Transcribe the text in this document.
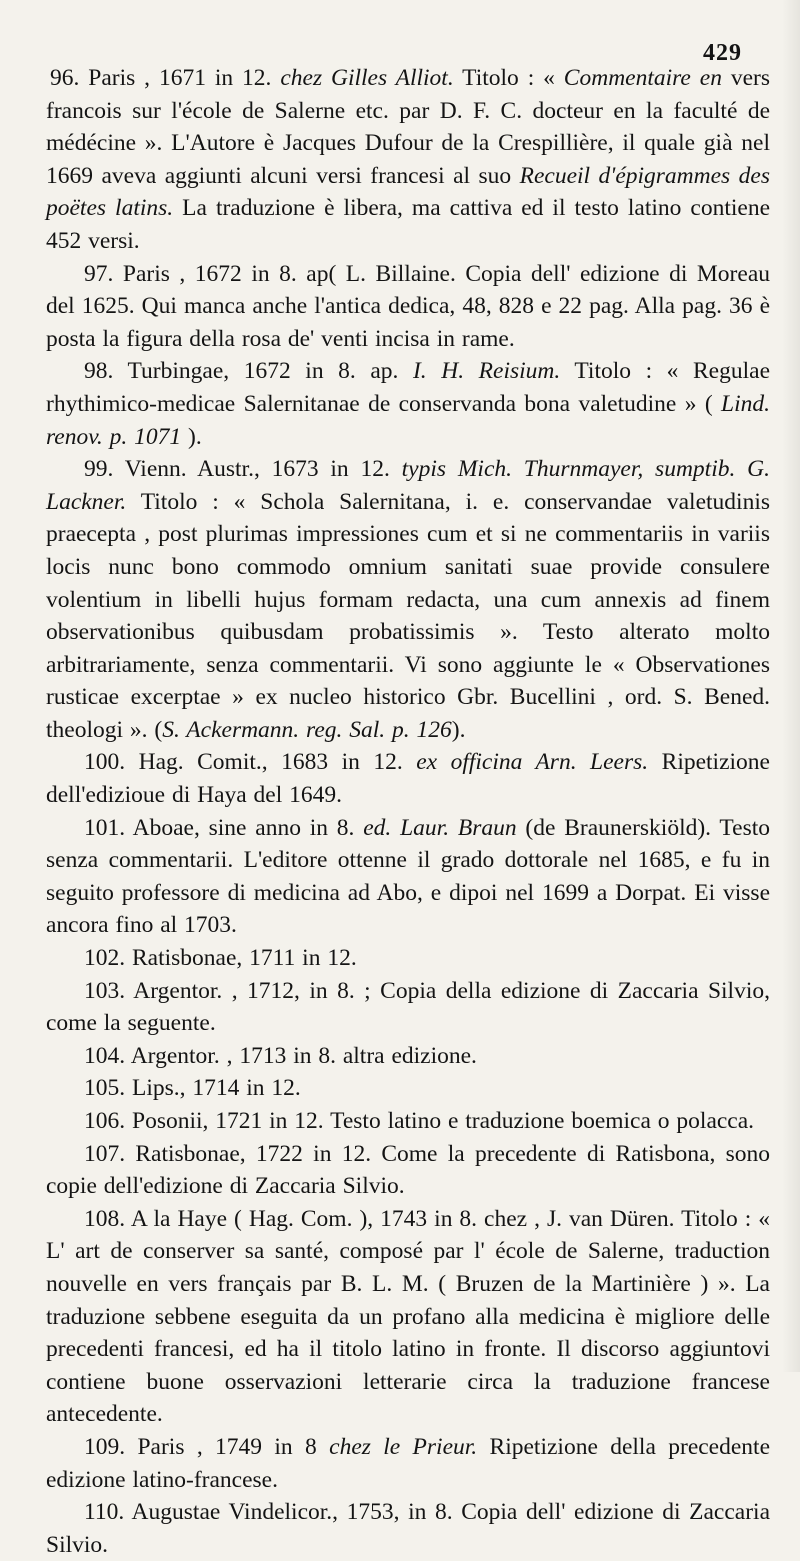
429

96. Paris , 1671 in 12. chez Gilles Alliot. Titolo : « Commentaire en vers francois sur l'école de Salerne etc. par D. F. C. docteur en la faculté de médécine ». L'Autore è Jacques Dufour de la Crespillière, il quale già nel 1669 aveva aggiunti alcuni versi francesi al suo Recueil d'épigrammes des poëtes latins. La traduzione è libera, ma cattiva ed il testo latino contiene 452 versi.

97. Paris , 1672 in 8. ap( L. Billaine. Copia dell' edizione di Moreau del 1625. Qui manca anche l'antica dedica, 48, 828 e 22 pag. Alla pag. 36 è posta la figura della rosa de' venti incisa in rame.

98. Turbingae, 1672 in 8. ap. I. H. Reisium. Titolo : « Regulae rhythimico-medicae Salernitanae de conservanda bona valetudine » ( Lind. renov. p. 1071 ).

99. Vienn. Austr., 1673 in 12. typis Mich. Thurnmayer, sumptib. G. Lackner. Titolo : « Schola Salernitana, i. e. conservandae valetudinis praecepta , post plurimas impressiones cum et si ne commentariis in variis locis nunc bono commodo omnium sanitati suae provide consulere volentium in libelli hujus formam redacta, una cum annexis ad finem observationibus quibusdam probatissimis ». Testo alterato molto arbitrariamente, senza commentarii. Vi sono aggiunte le « Observationes rusticae excerptae » ex nucleo historico Gbr. Bucellini , ord. S. Bened. theologi ». (S. Ackermann. reg. Sal. p. 126).

100. Hag. Comit., 1683 in 12. ex officina Arn. Leers. Ripetizione dell'edizioue di Haya del 1649.

101. Aboae, sine anno in 8. ed. Laur. Braun (de Braunerskiöld). Testo senza commentarii. L'editore ottenne il grado dottorale nel 1685, e fu in seguito professore di medicina ad Abo, e dipoi nel 1699 a Dorpat. Ei visse ancora fino al 1703.

102. Ratisbonae, 1711 in 12.

103. Argentor. , 1712, in 8. ; Copia della edizione di Zaccaria Silvio, come la seguente.

104. Argentor. , 1713 in 8. altra edizione.

105. Lips., 1714 in 12.

106. Posonii, 1721 in 12. Testo latino e traduzione boemica o polacca.

107. Ratisbonae, 1722 in 12. Come la precedente di Ratisbona, sono copie dell'edizione di Zaccaria Silvio.

108. A la Haye ( Hag. Com. ), 1743 in 8. chez , J. van Düren. Titolo : « L' art de conserver sa santé, composé par l' école de Salerne, traduction nouvelle en vers français par B. L. M. ( Bruzen de la Martinière ) ». La traduzione sebbene eseguita da un profano alla medicina è migliore delle precedenti francesi, ed ha il titolo latino in fronte. Il discorso aggiuntovi contiene buone osservazioni letterarie circa la traduzione francese antecedente.

109. Paris , 1749 in 8 chez le Prieur. Ripetizione della precedente edizione latino-francese.

110. Augustae Vindelicor., 1753, in 8. Copia dell' edizione di Zaccaria Silvio.
